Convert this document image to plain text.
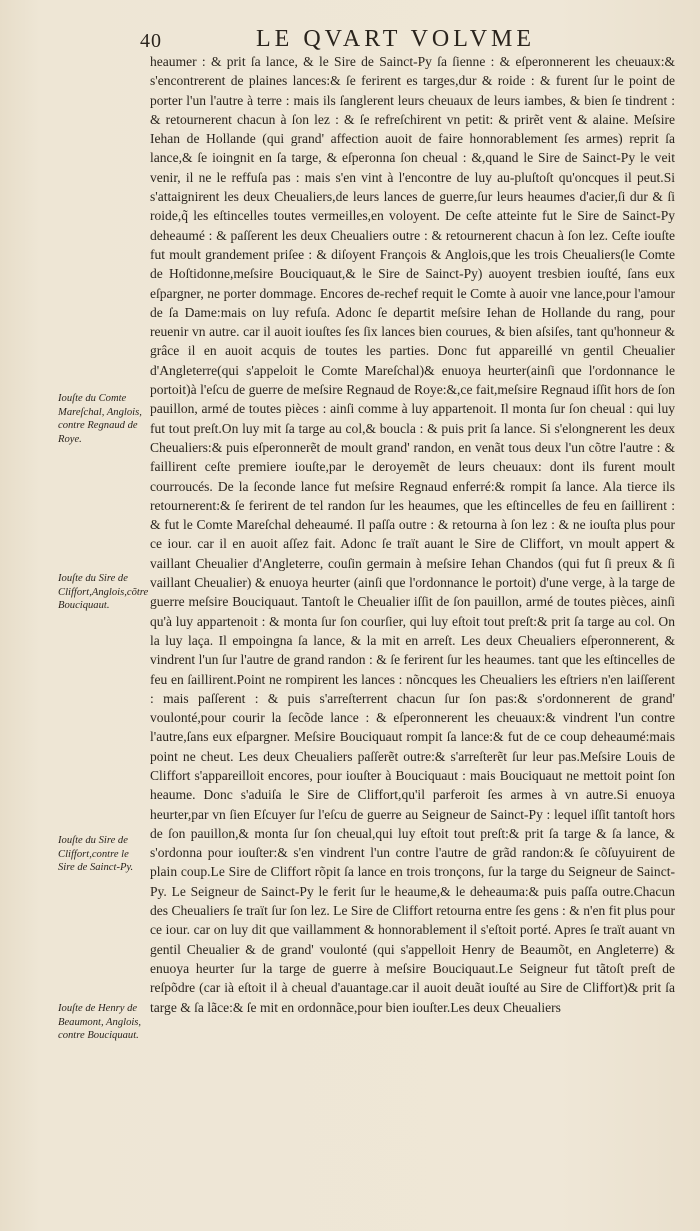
40	LE QVART VOLVME
Iouſte du Comte Mareſchal, Anglois, contre Regnaud de Roye.
Iouſte du Sire de Cliffort,Anglois,cõtre Bouciquaut.
Iouſte du Sire de Cliffort,contre le Sire de Sainct-Py.
Iouſte de Henry de Beaumont, Anglois, contre Bouciquaut.

heaumer : & prit ſa lance, & le Sire de Sainct-Py ſa ſienne : & eſperonnerent les cheuaux:& s'encontrerent de plaines lances:& ſe ferirent es targes,dur & roide : & furent ſur le point de porter l'un l'autre à terre : mais ils ſanglerent leurs cheuaux de leurs iambes, & bien ſe tindrent : & retournerent chacun à ſon lez : & ſe refreſchirent vn petit: & prirẽt vent & alaine. Meſsire Iehan de Hollande (qui grand' affection auoit de faire honnorablement ſes armes) reprit ſa lance,& ſe ioingnit en ſa targe, & eſperonna ſon cheual : &,quand le Sire de Sainct-Py le veit venir, il ne le reffuſa pas : mais s'en vint à l'encontre de luy au-pluſtoſt qu'oncques il peut.Si s'attaignirent les deux Cheualiers,de leurs lances de guerre,ſur leurs heaumes d'acier,ſi dur & ſi roide,q̃ les eſtincelles toutes vermeilles,en voloyent. De ceſte atteinte fut le Sire de Sainct-Py deheaumé : & paſſerent les deux Cheualiers outre : & retournerent chacun à ſon lez. Ceſte iouſte fut moult grandement priſee : & diſoyent François & Anglois,que les trois Cheualiers(le Comte de Hoſtidonne,meſsire Bouciquaut,& le Sire de Sainct-Py) auoyent tresbien iouſté, ſans eux eſpargner, ne porter dommage. Encores de-rechef requit le Comte à auoir vne lance,pour l'amour de ſa Dame:mais on luy refuſa. Adonc ſe departit meſsire Iehan de Hollande du rang, pour reuenir vn autre. car il auoit iouſtes ſes ſix lances bien courues, & bien aſsiſes, tant qu'honneur & grâce il en auoit acquis de toutes les parties. Donc fut appareillé vn gentil Cheualier d'Angleterre(qui s'appeloit le Comte Mareſchal)& enuoya heurter(ainſi que l'ordonnance le portoit)à l'eſcu de guerre de meſsire Regnaud de Roye:&,ce fait,meſsire Regnaud iſſit hors de ſon pauillon, armé de toutes pièces : ainſi comme à luy appartenoit. Il monta ſur ſon cheual : qui luy fut tout preſt.On luy mit ſa targe au col,& boucla : & puis prit ſa lance. Si s'elongnerent les deux Cheualiers:& puis eſperonnerẽt de moult grand' randon, en venãt tous deux l'un cõtre l'autre : & faillirent ceſte premiere iouſte,par le deroyemẽt de leurs cheuaux: dont ils furent moult courroucés. De la ſeconde lance fut meſsire Regnaud enferré:& rompit ſa lance. Ala tierce ils retournerent:& ſe ferirent de tel randon ſur les heaumes, que les eſtincelles de feu en ſaillirent : & fut le Comte Mareſchal deheaumé. Il paſſa outre : & retourna à ſon lez : & ne iouſta plus pour ce iour. car il en auoit aſſez fait. Adonc ſe traït auant le Sire de Cliffort, vn moult appert & vaillant Cheualier d'Angleterre, couſin germain à meſsire Iehan Chandos (qui fut ſi preux & ſi vaillant Cheualier) & enuoya heurter (ainſi que l'ordonnance le portoit) d'une verge, à la targe de guerre meſsire Bouciquaut. Tantoſt le Cheualier iſſit de ſon pauillon, armé de toutes pièces, ainſi qu'à luy appartenoit : & monta ſur ſon courſier, qui luy eſtoit tout preſt:& prit ſa targe au col. On la luy laça. Il empoingna ſa lance, & la mit en arreſt. Les deux Cheualiers eſperonnerent, & vindrent l'un ſur l'autre de grand randon : & ſe ferirent ſur les heaumes. tant que les eſtincelles de feu en ſaillirent.Point ne rompirent les lances : nõncques les Cheualiers les eſtriers n'en laiſſerent : mais paſſerent : & puis s'arreſterrent chacun ſur ſon pas:& s'ordonnerent de grand' voulonté,pour courir la ſecõde lance : & eſperonnerent les cheuaux:& vindrent l'un contre l'autre,ſans eux eſpargner. Meſsire Bouciquaut rompit ſa lance:& fut de ce coup deheaumé:mais point ne cheut. Les deux Cheualiers paſſerẽt outre:& s'arreſterẽt ſur leur pas.Meſsire Louis de Cliffort s'appareilloit encores, pour iouſter à Bouciquaut : mais Bouciquaut ne mettoit point ſon heaume. Donc s'aduiſa le Sire de Cliffort,qu'il parferoit ſes armes à vn autre.Si enuoya heurter,par vn ſien Eſcuyer ſur l'eſcu de guerre au Seigneur de Sainct-Py : lequel iſſit tantoſt hors de ſon pauillon,& monta ſur ſon cheual,qui luy eſtoit tout preſt:& prit ſa targe & ſa lance, & s'ordonna pour iouſter:& s'en vindrent l'un contre l'autre de grãd randon:& ſe cõſuyuirent de plain coup.Le Sire de Cliffort rõpit ſa lance en trois tronçons, ſur la targe du Seigneur de Sainct-Py. Le Seigneur de Sainct-Py le ferit ſur le heaume,& le deheauma:& puis paſſa outre.Chacun des Cheualiers ſe traït ſur ſon lez. Le Sire de Cliffort retourna entre ſes gens : & n'en fit plus pour ce iour. car on luy dit que vaillamment & honnorablement il s'eſtoit porté. Apres ſe traït auant vn gentil Cheualier & de grand' voulonté (qui s'appelloit Henry de Beaumõt, en Angleterre) & enuoya heurter ſur la targe de guerre à meſsire Bouciquaut.Le Seigneur fut tãtoſt preſt de reſpõdre (car ià eſtoit il à cheual d'auantage.car il auoit deuãt iouſté au Sire de Cliffort)& prit ſa targe & ſa lãce:& ſe mit en ordonnãce,pour bien iouſter.Les deux Cheualiers
